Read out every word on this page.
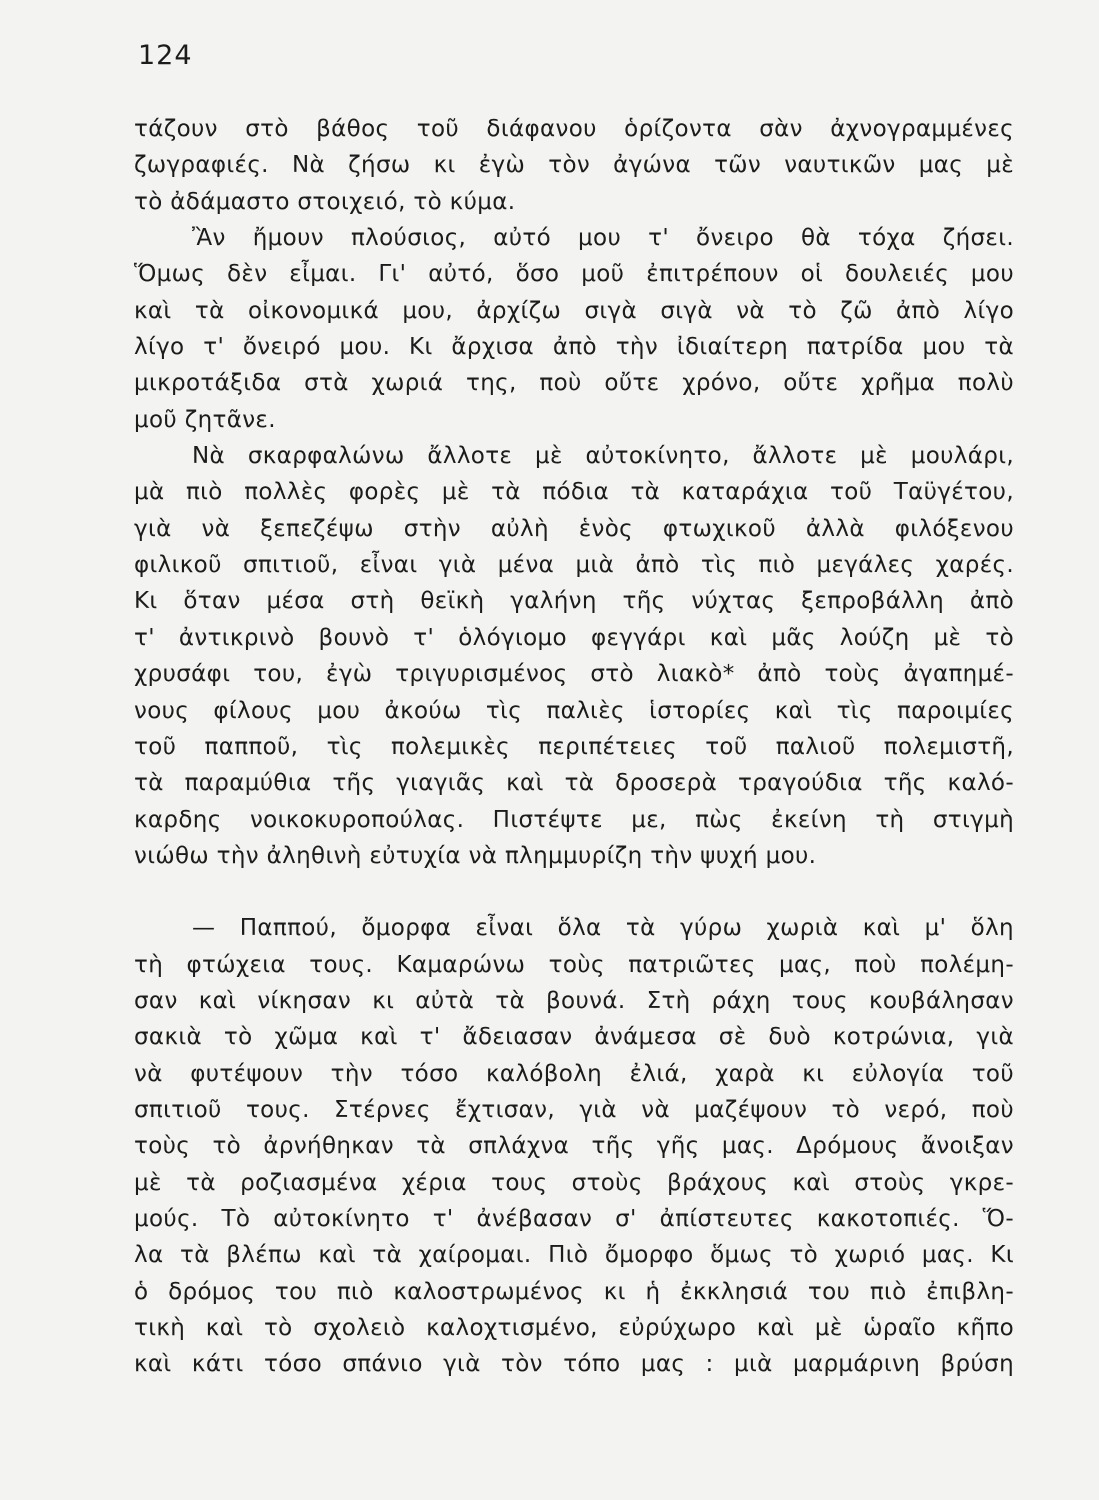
124
τάζουν στὸ βάθος τοῦ διάφανου ὁρίζοντα σὰν ἀχνογραμμένες
ζωγραφιές. Νὰ ζήσω κι ἐγὼ τὸν ἀγώνα τῶν ναυτικῶν μας μὲ
τὸ ἀδάμαστο στοιχειό, τὸ κύμα.
Ἂν ἤμουν πλούσιος, αὐτό μου τ' ὄνειρο θὰ τόχα ζήσει.
Ὅμως δὲν εἶμαι. Γι' αὐτό, ὅσο μοῦ ἐπιτρέπουν οἱ δουλειές μου
καὶ τὰ οἰκονομικά μου, ἀρχίζω σιγὰ σιγὰ νὰ τὸ ζῶ ἀπὸ λίγο
λίγο τ' ὄνειρό μου. Κι ἄρχισα ἀπὸ τὴν ἰδιαίτερη πατρίδα μου τὰ
μικροτάξιδα στὰ χωριά της, ποὺ οὔτε χρόνο, οὔτε χρῆμα πολὺ
μοῦ ζητᾶνε.
Νὰ σκαρφαλώνω ἄλλοτε μὲ αὐτοκίνητο, ἄλλοτε μὲ μουλάρι,
μὰ πιὸ πολλὲς φορὲς μὲ τὰ πόδια τὰ καταράχια τοῦ Ταϋγέτου,
γιὰ νὰ ξεπεζέψω στὴν αὐλὴ ἑνὸς φτωχικοῦ ἀλλὰ φιλόξενου
φιλικοῦ σπιτιοῦ, εἶναι γιὰ μένα μιὰ ἀπὸ τὶς πιὸ μεγάλες χαρές.
Κι ὅταν μέσα στὴ θεϊκὴ γαλήνη τῆς νύχτας ξεπροβάλλη ἀπὸ
τ' ἀντικρινὸ βουνὸ τ' ὁλόγιομο φεγγάρι καὶ μᾶς λούζη μὲ τὸ
χρυσάφι του, ἐγὼ τριγυρισμένος στὸ λιακὸ* ἀπὸ τοὺς ἀγαπημέ-
νους φίλους μου ἀκούω τὶς παλιὲς ἱστορίες καὶ τὶς παροιμίες
τοῦ παπποῦ, τὶς πολεμικὲς περιπέτειες τοῦ παλιοῦ πολεμιστῆ,
τὰ παραμύθια τῆς γιαγιᾶς καὶ τὰ δροσερὰ τραγούδια τῆς καλό-
καρδης νοικοκυροπούλας. Πιστέψτε με, πὼς ἐκείνη τὴ στιγμὴ
νιώθω τὴν ἀληθινὴ εὐτυχία νὰ πλημμυρίζη τὴν ψυχή μου.
— Παππού, ὄμορφα εἶναι ὅλα τὰ γύρω χωριὰ καὶ μ' ὅλη
τὴ φτώχεια τους. Καμαρώνω τοὺς πατριῶτες μας, ποὺ πολέμη-
σαν καὶ νίκησαν κι αὐτὰ τὰ βουνά. Στὴ ράχη τους κουβάλησαν
σακιὰ τὸ χῶμα καὶ τ' ἄδειασαν ἀνάμεσα σὲ δυὸ κοτρώνια, γιὰ
νὰ φυτέψουν τὴν τόσο καλόβολη ἐλιά, χαρὰ κι εὐλογία τοῦ
σπιτιοῦ τους. Στέρνες ἔχτισαν, γιὰ νὰ μαζέψουν τὸ νερό, ποὺ
τοὺς τὸ ἀρνήθηκαν τὰ σπλάχνα τῆς γῆς μας. Δρόμους ἄνοιξαν
μὲ τὰ ροζιασμένα χέρια τους στοὺς βράχους καὶ στοὺς γκρε-
μούς. Τὸ αὐτοκίνητο τ' ἀνέβασαν σ' ἀπίστευτες κακοτοπιές. Ὅ-
λα τὰ βλέπω καὶ τὰ χαίρομαι. Πιὸ ὄμορφο ὅμως τὸ χωριό μας. Κι
ὁ δρόμος του πιὸ καλοστρωμένος κι ἡ ἐκκλησιά του πιὸ ἐπιβλη-
τικὴ καὶ τὸ σχολειὸ καλοχτισμένο, εὐρύχωρο καὶ μὲ ὡραῖο κῆπο
καὶ κάτι τόσο σπάνιο γιὰ τὸν τόπο μας : μιὰ μαρμάρινη βρύση
